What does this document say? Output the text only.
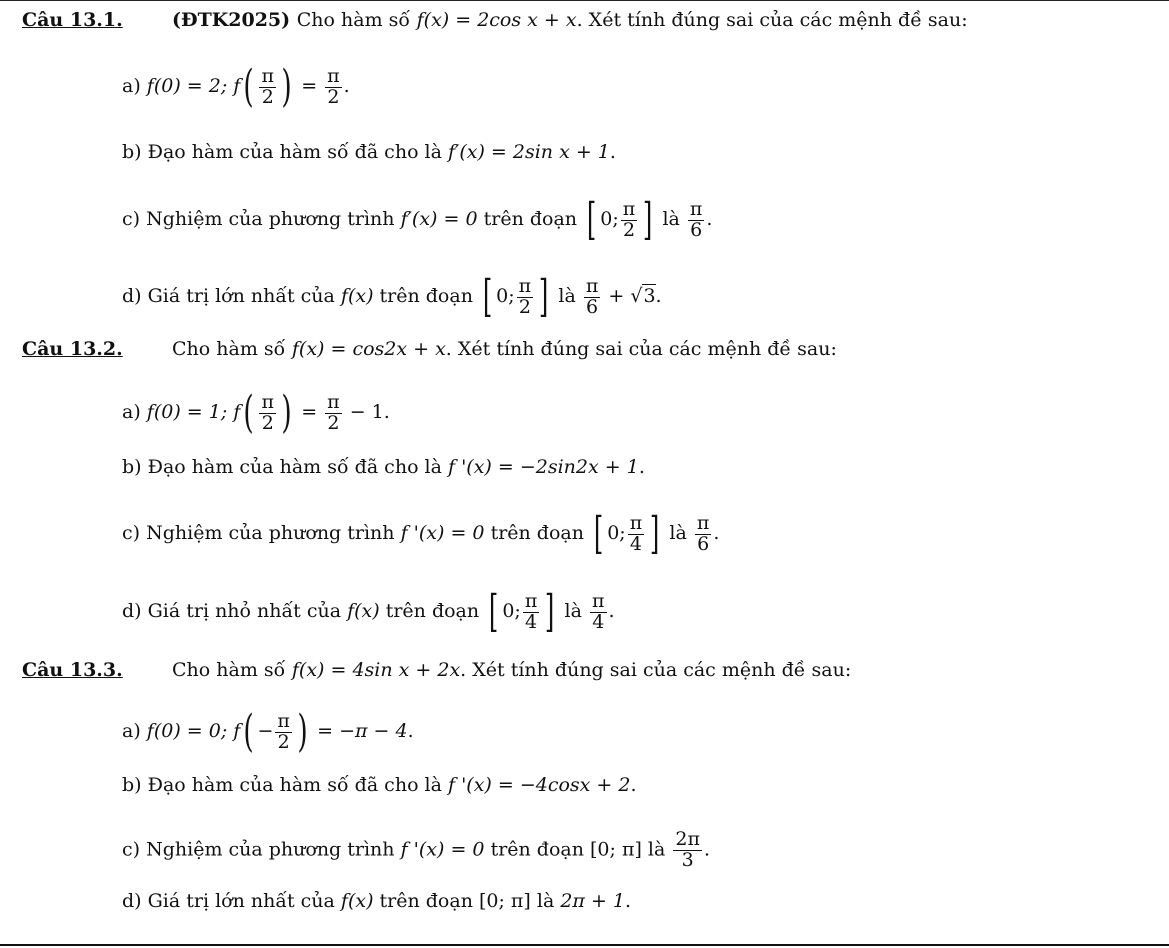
Câu 13.1.	(ĐTK2025) Cho hàm số f(x) = 2cos x + x. Xét tính đúng sai của các mệnh đề sau:
a) f(0) = 2; $f( \frac{\pi}{2}$ ) = $\frac{\pi}{2}$ .
b) Đạo hàm của hàm số đã cho là f′(x) = 2sin x + 1.
c) Nghiệm của phương trình f′(x) = 0 trên đoạn [ 0; $\frac{\pi}{2}$ ] là $\frac{\pi}{6}$ .
d) Giá trị lớn nhất của f(x) trên đoạn [ 0; $\frac{\pi}{2}$ ] là $\frac{\pi}{6} + √3$.
Câu 13.2.	Cho hàm số f(x) = cos2x + x. Xét tính đúng sai của các mệnh đề sau:
a) f(0) = 1; $f( \frac{\pi}{2}$ ) = $\frac{\pi}{2} - 1$.
b) Đạo hàm của hàm số đã cho là f '(x) = −2sin2x + 1.
c) Nghiệm của phương trình f '(x) = 0 trên đoạn [ 0; $\frac{\pi}{4}$ ] là $\frac{\pi}{6}$ .
d) Giá trị nhỏ nhất của f(x) trên đoạn [ 0; $\frac{\pi}{4}$ ] là $\frac{\pi}{4}$ .
Câu 13.3.	Cho hàm số f(x) = 4sin x + 2x. Xét tính đúng sai của các mệnh đề sau:
a) f(0) = 0; $f( - \frac{\pi}{2}$ ) = −π − 4.
b) Đạo hàm của hàm số đã cho là f '(x) = −4cosx + 2.
c) Nghiệm của phương trình f '(x) = 0 trên đoạn [0; π] là $\frac{2\pi}{3}$ .
d) Giá trị lớn nhất của f(x) trên đoạn [0; π] là 2π + 1.
